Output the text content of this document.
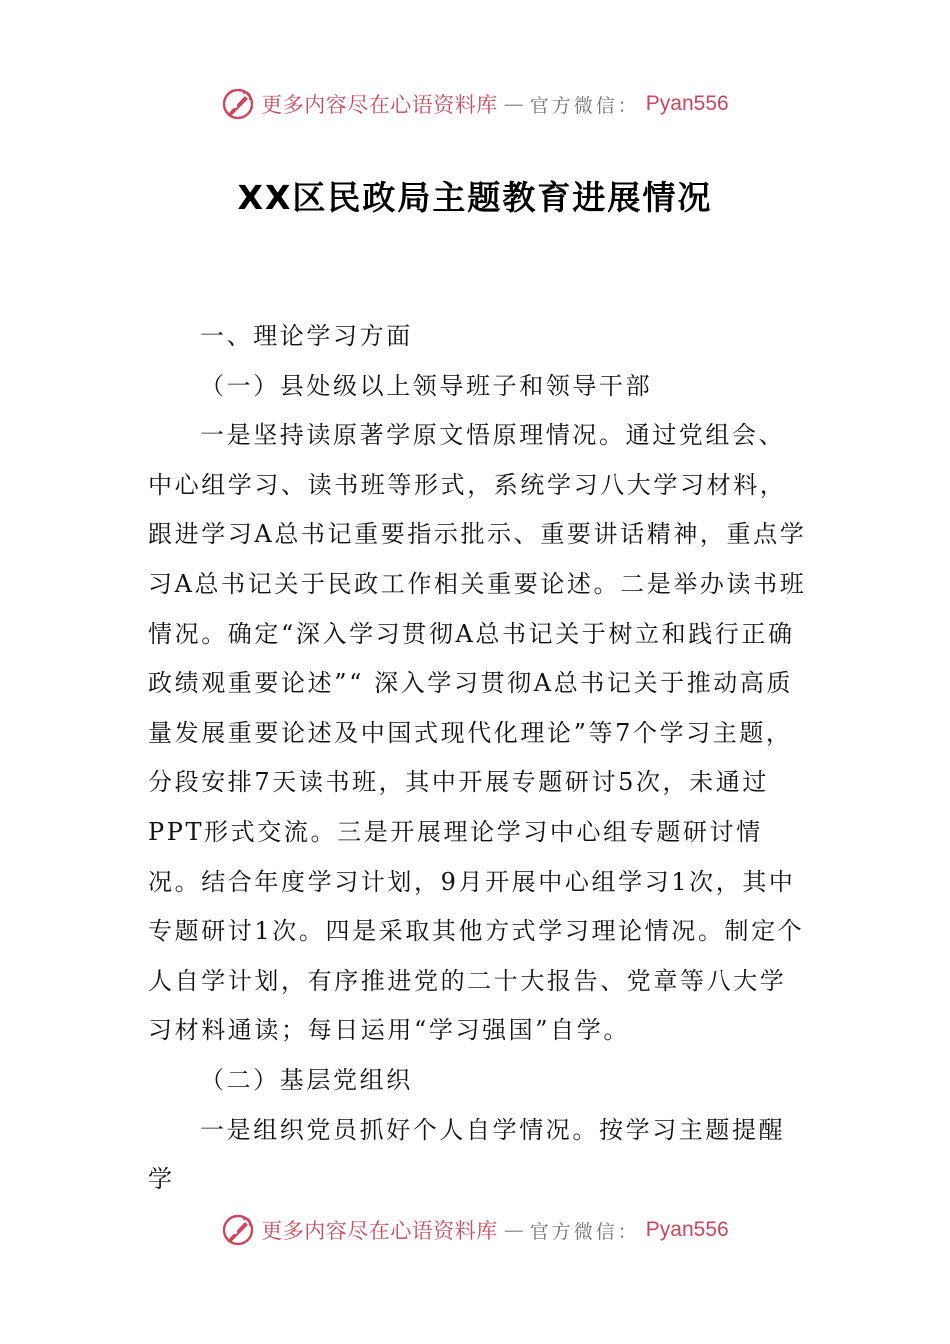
更多内容尽在心语资料库 — 官方微信： Pyan556
XX区民政局主题教育进展情况

一、理论学习方面

（一）县处级以上领导班子和领导干部

一是坚持读原著学原文悟原理情况。通过党组会、中心组学习、读书班等形式，系统学习八大学习材料，跟进学习A总书记重要指示批示、重要讲话精神，重点学习A总书记关于民政工作相关重要论述。二是举办读书班情况。确定“深入学习贯彻A总书记关于树立和践行正确政绩观重要论述”“ 深入学习贯彻A总书记关于推动高质量发展重要论述及中国式现代化理论”等7个学习主题，分段安排7天读书班，其中开展专题研讨5次，未通过PPT形式交流。三是开展理论学习中心组专题研讨情况。结合年度学习计划，9月开展中心组学习1次，其中专题研讨1次。四是采取其他方式学习理论情况。制定个人自学计划，有序推进党的二十大报告、党章等八大学习材料通读；每日运用“学习强国”自学。

（二）基层党组织

一是组织党员抓好个人自学情况。按学习主题提醒学

更多内容尽在心语资料库 — 官方微信： Pyan556
